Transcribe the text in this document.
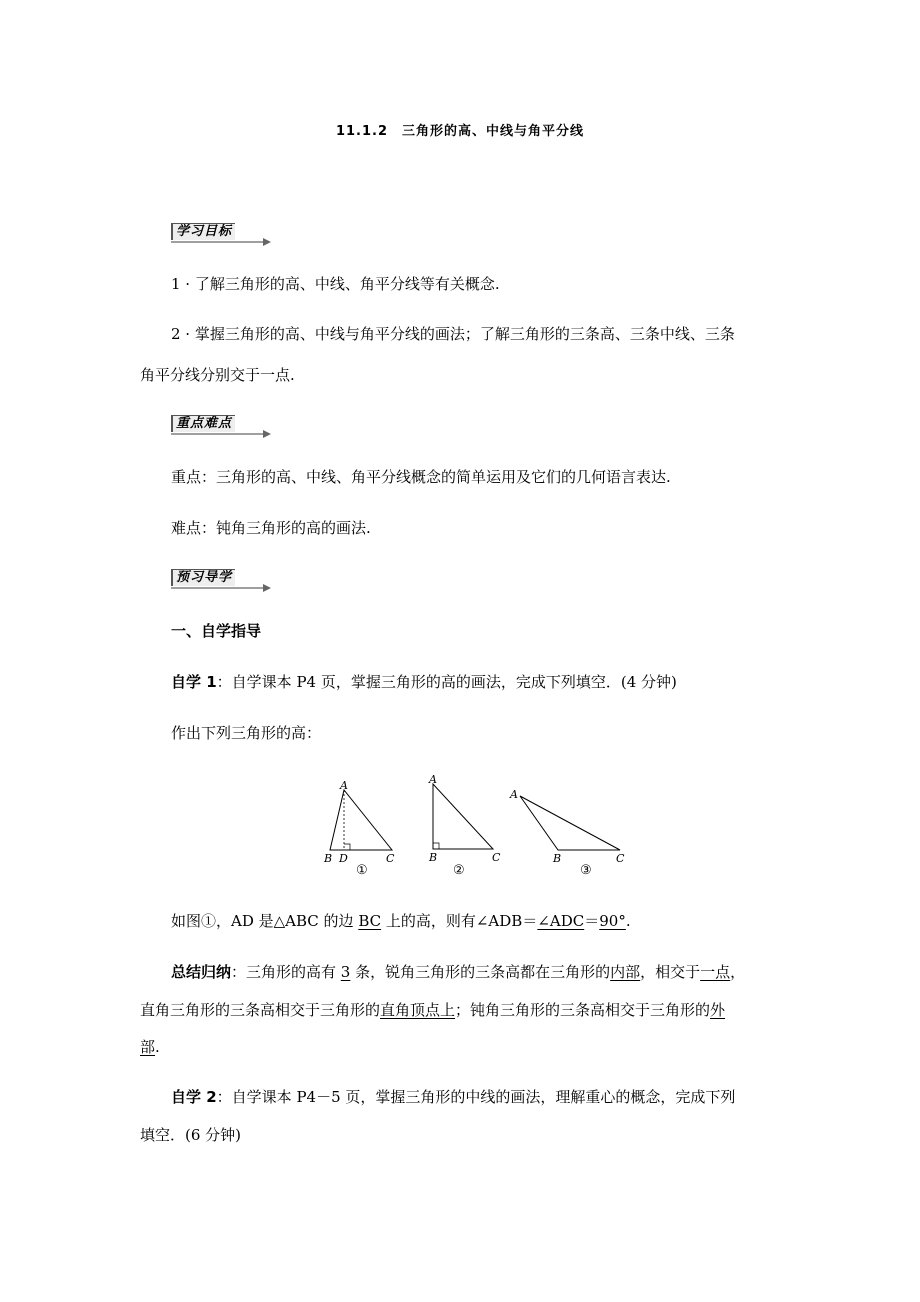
11.1.2　三角形的高、中线与角平分线
学习目标
1 · 了解三角形的高、中线、角平分线等有关概念.
2 · 掌握三角形的高、中线与角平分线的画法；了解三角形的三条高、三条中线、三条
角平分线分别交于一点.
重点难点
重点：三角形的高、中线、角平分线概念的简单运用及它们的几何语言表达.
难点：钝角三角形的高的画法.
预习导学
一、自学指导
自学 1：自学课本 P4 页，掌握三角形的高的画法，完成下列填空．(4 分钟)
作出下列三角形的高：
A
B D	C
①
A
B	C
②
A
B	C
③
如图①，AD 是△ABC 的边 BC 上的高，则有∠ADB＝∠ADC＝90°.
总结归纳：三角形的高有 3 条，锐角三角形的三条高都在三角形的内部，相交于一点，
直角三角形的三条高相交于三角形的直角顶点上；钝角三角形的三条高相交于三角形的外
部.
自学 2：自学课本 P4－5 页，掌握三角形的中线的画法，理解重心的概念，完成下列
填空．(6 分钟)
